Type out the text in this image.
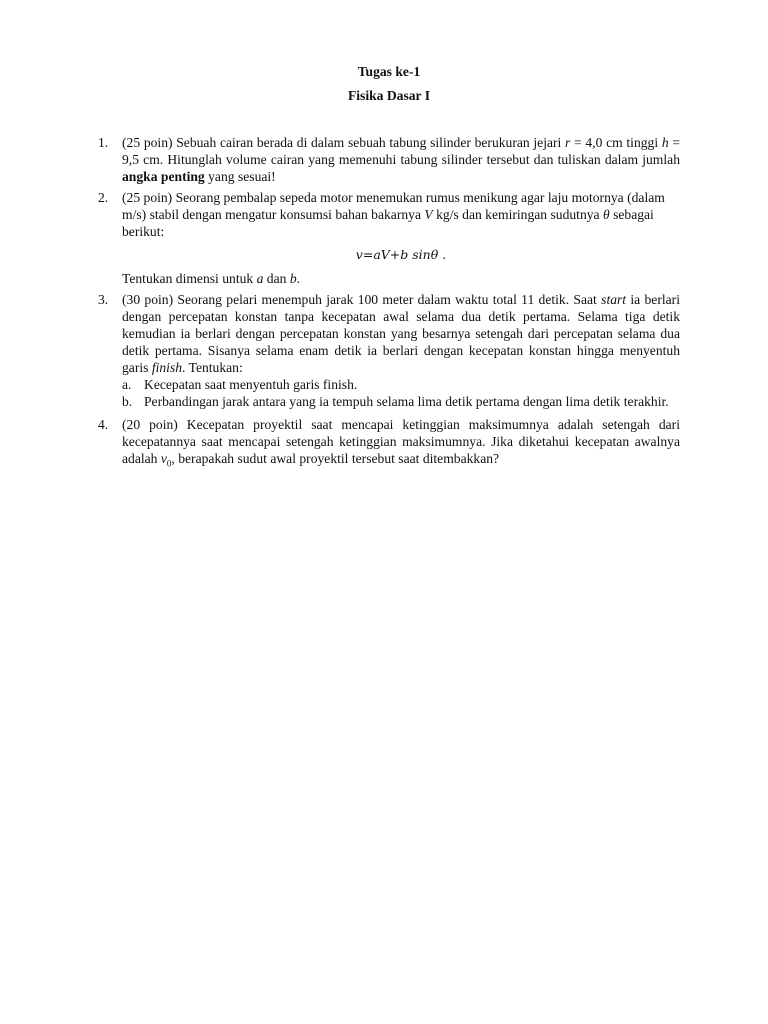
Tugas ke-1
Fisika Dasar I
1. (25 poin) Sebuah cairan berada di dalam sebuah tabung silinder berukuran jejari r = 4,0 cm tinggi h = 9,5 cm. Hitunglah volume cairan yang memenuhi tabung silinder tersebut dan tuliskan dalam jumlah angka penting yang sesuai!
2. (25 poin) Seorang pembalap sepeda motor menemukan rumus menikung agar laju motornya (dalam m/s) stabil dengan mengatur konsumsi bahan bakarnya V kg/s dan kemiringan sudutnya θ sebagai berikut:
v=aV+b sinθ .
Tentukan dimensi untuk a dan b.
3. (30 poin) Seorang pelari menempuh jarak 100 meter dalam waktu total 11 detik. Saat start ia berlari dengan percepatan konstan tanpa kecepatan awal selama dua detik pertama. Selama tiga detik kemudian ia berlari dengan percepatan konstan yang besarnya setengah dari percepatan selama dua detik pertama. Sisanya selama enam detik ia berlari dengan kecepatan konstan hingga menyentuh garis finish. Tentukan:
a. Kecepatan saat menyentuh garis finish.
b. Perbandingan jarak antara yang ia tempuh selama lima detik pertama dengan lima detik terakhir.
4. (20 poin) Kecepatan proyektil saat mencapai ketinggian maksimumnya adalah setengah dari kecepatannya saat mencapai setengah ketinggian maksimumnya. Jika diketahui kecepatan awalnya adalah $v_0$, berapakah sudut awal proyektil tersebut saat ditembakkan?
